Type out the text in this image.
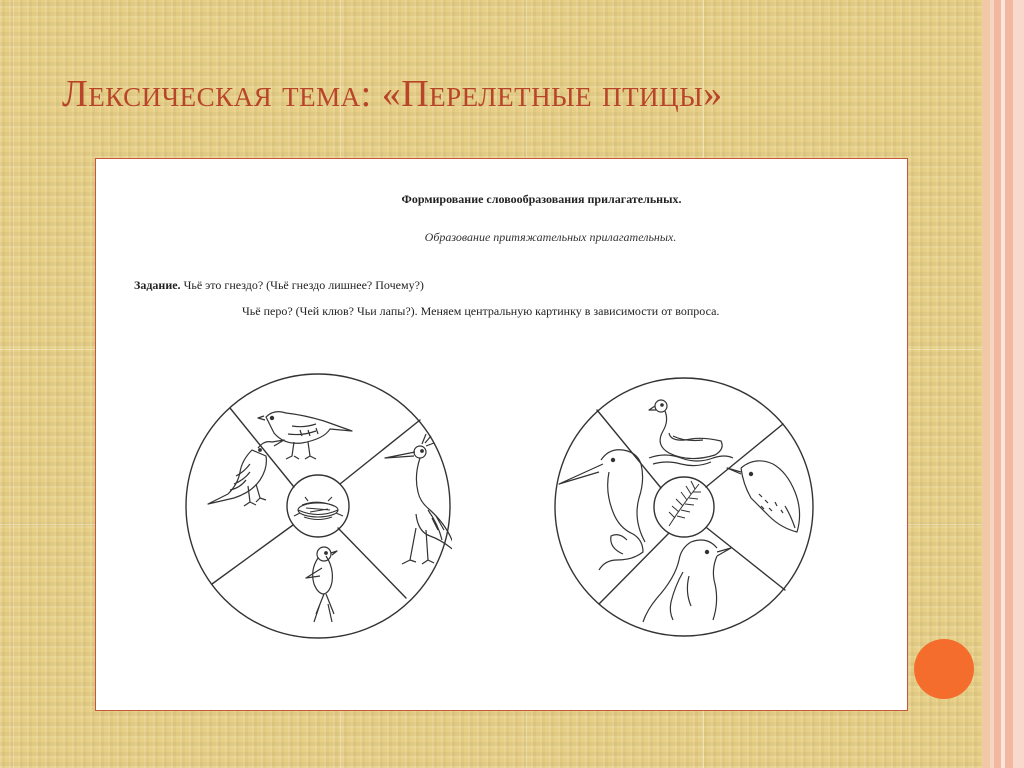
Лексическая тема: «Перелетные птицы»
Формирование словообразования прилагательных.
Образование притяжательных прилагательных.
Задание. Чьё это гнездо? (Чьё гнездо лишнее? Почему?)
Чьё перо? (Чей клюв? Чьи лапы?). Меняем центральную картинку в зависимости от вопроса.
